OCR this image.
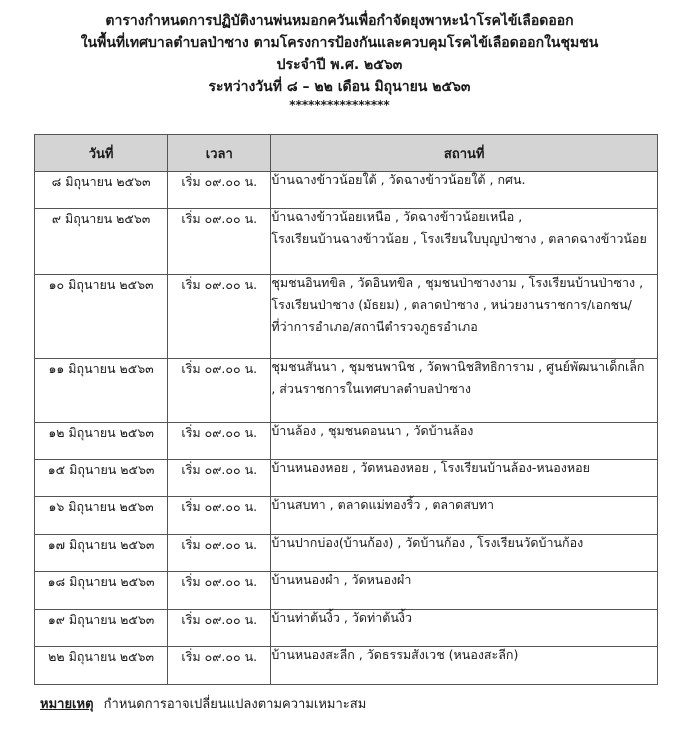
ตารางกำหนดการปฏิบัติงานพ่นหมอกควันเพื่อกำจัดยุงพาหะนำโรคไข้เลือดออก
ในพื้นที่เทศบาลตำบลป่าซาง ตามโครงการป้องกันและควบคุมโรคไข้เลือดออกในชุมชน
ประจำปี พ.ศ. ๒๕๖๓
ระหว่างวันที่ ๘ – ๒๒ เดือน มิถุนายน ๒๕๖๓
****************
วันที่	เวลา	สถานที่
๘ มิถุนายน ๒๕๖๓	เริ่ม ๐๙.๐๐ น.	บ้านฉางข้าวน้อยใต้ , วัดฉางข้าวน้อยใต้ , กศน.

๙ มิถุนายน ๒๕๖๓	เริ่ม ๐๙.๐๐ น.	บ้านฉางข้าวน้อยเหนือ , วัดฉางข้าวน้อยเหนือ ,
โรงเรียนบ้านฉางข้าวน้อย , โรงเรียนใบบุญป่าซาง , ตลาดฉางข้าวน้อย

๑๐ มิถุนายน ๒๕๖๓	เริ่ม ๐๙.๐๐ น.	ชุมชนอินทขิล , วัดอินทขิล , ชุมชนป่าซางงาม , โรงเรียนบ้านป่าซาง ,
โรงเรียนป่าซาง (มัธยม) , ตลาดป่าซาง , หน่วยงานราชการ/เอกชน/
ที่ว่าการอำเภอ/สถานีตำรวจภูธรอำเภอ

๑๑ มิถุนายน ๒๕๖๓	เริ่ม ๐๙.๐๐ น.	ชุมชนสันนา , ชุมชนพานิช , วัดพานิชสิทธิการาม , ศูนย์พัฒนาเด็กเล็ก
, ส่วนราชการในเทศบาลตำบลป่าซาง

๑๒ มิถุนายน ๒๕๖๓	เริ่ม ๐๙.๐๐ น.	บ้านล้อง , ชุมชนดอนนา , วัดบ้านล้อง

๑๕ มิถุนายน ๒๕๖๓	เริ่ม ๐๙.๐๐ น.	บ้านหนองหอย , วัดหนองหอย , โรงเรียนบ้านล้อง-หนองหอย

๑๖ มิถุนายน ๒๕๖๓	เริ่ม ๐๙.๐๐ น.	บ้านสบทา , ตลาดแม่ทองริ้ว , ตลาดสบทา

๑๗ มิถุนายน ๒๕๖๓	เริ่ม ๐๙.๐๐ น.	บ้านปากบ่อง(บ้านก้อง) , วัดบ้านก้อง , โรงเรียนวัดบ้านก้อง

๑๘ มิถุนายน ๒๕๖๓	เริ่ม ๐๙.๐๐ น.	บ้านหนองผำ , วัดหนองผำ

๑๙ มิถุนายน ๒๕๖๓	เริ่ม ๐๙.๐๐ น.	บ้านท่าต้นงิ้ว , วัดท่าต้นงิ้ว

๒๒ มิถุนายน ๒๕๖๓	เริ่ม ๐๙.๐๐ น.	บ้านหนองสะลีก , วัดธรรมสังเวช (หนองสะลีก)
หมายเหตุ กำหนดการอาจเปลี่ยนแปลงตามความเหมาะสม
